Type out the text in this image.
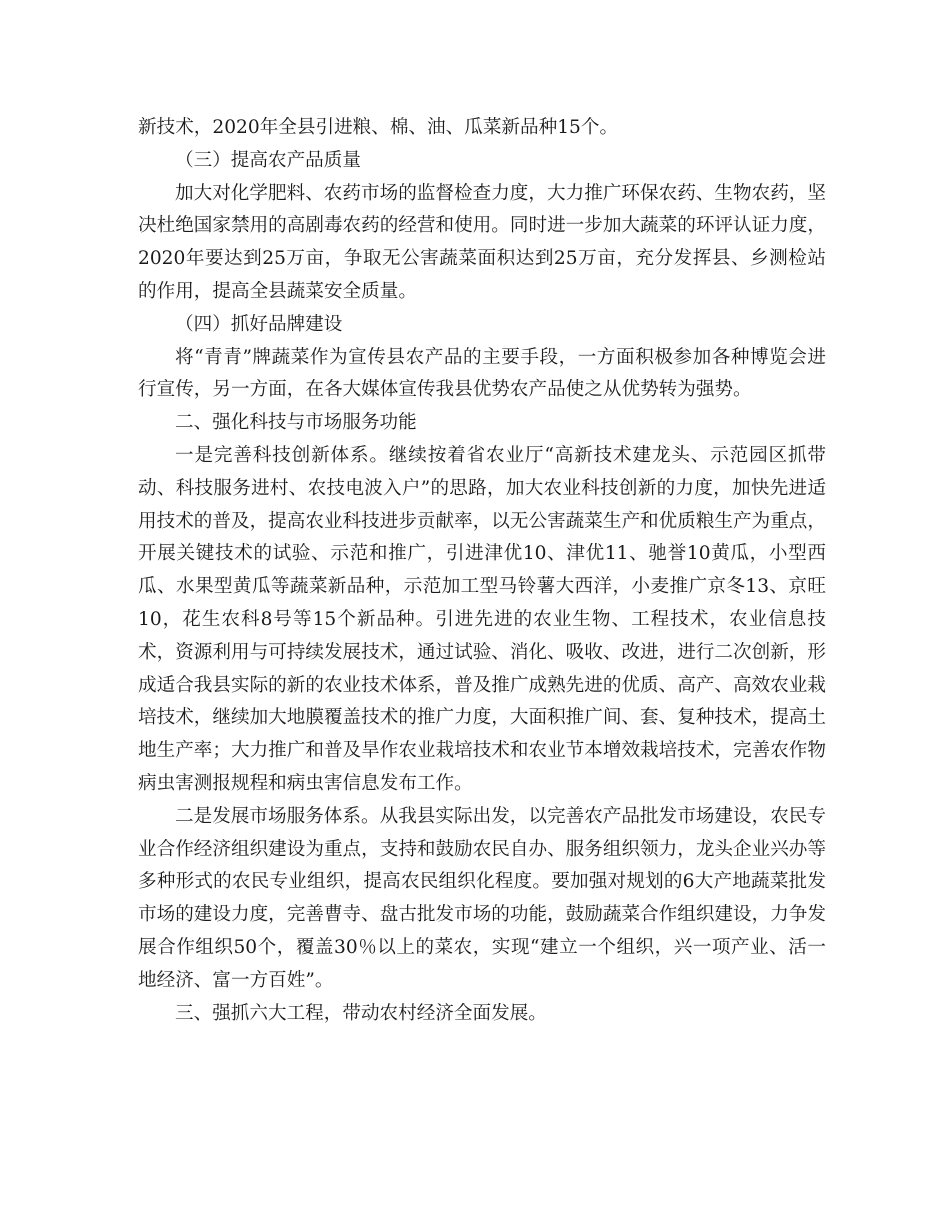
新技术，2020年全县引进粮、棉、油、瓜菜新品种15个。

（三）提高农产品质量

加大对化学肥料、农药市场的监督检查力度，大力推广环保农药、生物农药，坚决杜绝国家禁用的高剧毒农药的经营和使用。同时进一步加大蔬菜的环评认证力度，2020年要达到25万亩，争取无公害蔬菜面积达到25万亩，充分发挥县、乡测检站的作用，提高全县蔬菜安全质量。

（四）抓好品牌建设

将“青青”牌蔬菜作为宣传县农产品的主要手段，一方面积极参加各种博览会进行宣传，另一方面，在各大媒体宣传我县优势农产品使之从优势转为强势。

二、强化科技与市场服务功能

一是完善科技创新体系。继续按着省农业厅“高新技术建龙头、示范园区抓带动、科技服务进村、农技电波入户”的思路，加大农业科技创新的力度，加快先进适用技术的普及，提高农业科技进步贡献率，以无公害蔬菜生产和优质粮生产为重点，开展关键技术的试验、示范和推广，引进津优10、津优11、驰誉10黄瓜，小型西瓜、水果型黄瓜等蔬菜新品种，示范加工型马铃薯大西洋，小麦推广京冬13、京旺10，花生农科8号等15个新品种。引进先进的农业生物、工程技术，农业信息技术，资源利用与可持续发展技术，通过试验、消化、吸收、改进，进行二次创新，形成适合我县实际的新的农业技术体系，普及推广成熟先进的优质、高产、高效农业栽培技术，继续加大地膜覆盖技术的推广力度，大面积推广间、套、复种技术，提高土地生产率；大力推广和普及旱作农业栽培技术和农业节本增效栽培技术，完善农作物病虫害测报规程和病虫害信息发布工作。

二是发展市场服务体系。从我县实际出发，以完善农产品批发市场建设，农民专业合作经济组织建设为重点，支持和鼓励农民自办、服务组织领力，龙头企业兴办等多种形式的农民专业组织，提高农民组织化程度。要加强对规划的6大产地蔬菜批发市场的建设力度，完善曹寺、盘古批发市场的功能，鼓励蔬菜合作组织建设，力争发展合作组织50个，覆盖30％以上的菜农，实现“建立一个组织，兴一项产业、活一地经济、富一方百姓”。

三、强抓六大工程，带动农村经济全面发展。
